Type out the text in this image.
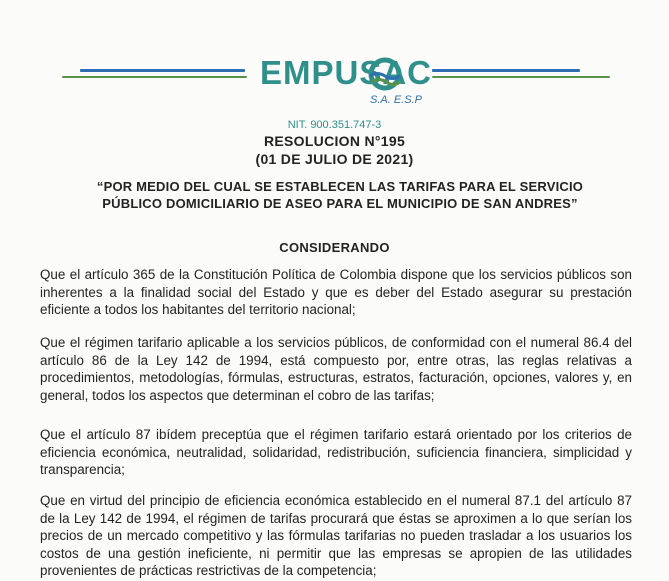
EMPUSAC
S.A. E.S.P
NIT. 900.351.747-3
RESOLUCION N°195
(01 DE JULIO DE 2021)
“POR MEDIO DEL CUAL SE ESTABLECEN LAS TARIFAS PARA EL SERVICIO
PÚBLICO DOMICILIARIO DE ASEO PARA EL MUNICIPIO DE SAN ANDRES”
CONSIDERANDO

Que el artículo 365 de la Constitución Política de Colombia dispone que los servicios públicos son inherentes a la finalidad social del Estado y que es deber del Estado asegurar su prestación eficiente a todos los habitantes del territorio nacional;

Que el régimen tarifario aplicable a los servicios públicos, de conformidad con el numeral 86.4 del artículo 86 de la Ley 142 de 1994, está compuesto por, entre otras, las reglas relativas a procedimientos, metodologías, fórmulas, estructuras, estratos, facturación, opciones, valores y, en general, todos los aspectos que determinan el cobro de las tarifas;

Que el artículo 87 ibídem preceptúa que el régimen tarifario estará orientado por los criterios de eficiencia económica, neutralidad, solidaridad, redistribución, suficiencia financiera, simplicidad y transparencia;

Que en virtud del principio de eficiencia económica establecido en el numeral 87.1 del artículo 87 de la Ley 142 de 1994, el régimen de tarifas procurará que éstas se aproximen a lo que serían los precios de un mercado competitivo y las fórmulas tarifarias no pueden trasladar a los usuarios los costos de una gestión ineficiente, ni permitir que las empresas se apropien de las utilidades provenientes de prácticas restrictivas de la competencia;
